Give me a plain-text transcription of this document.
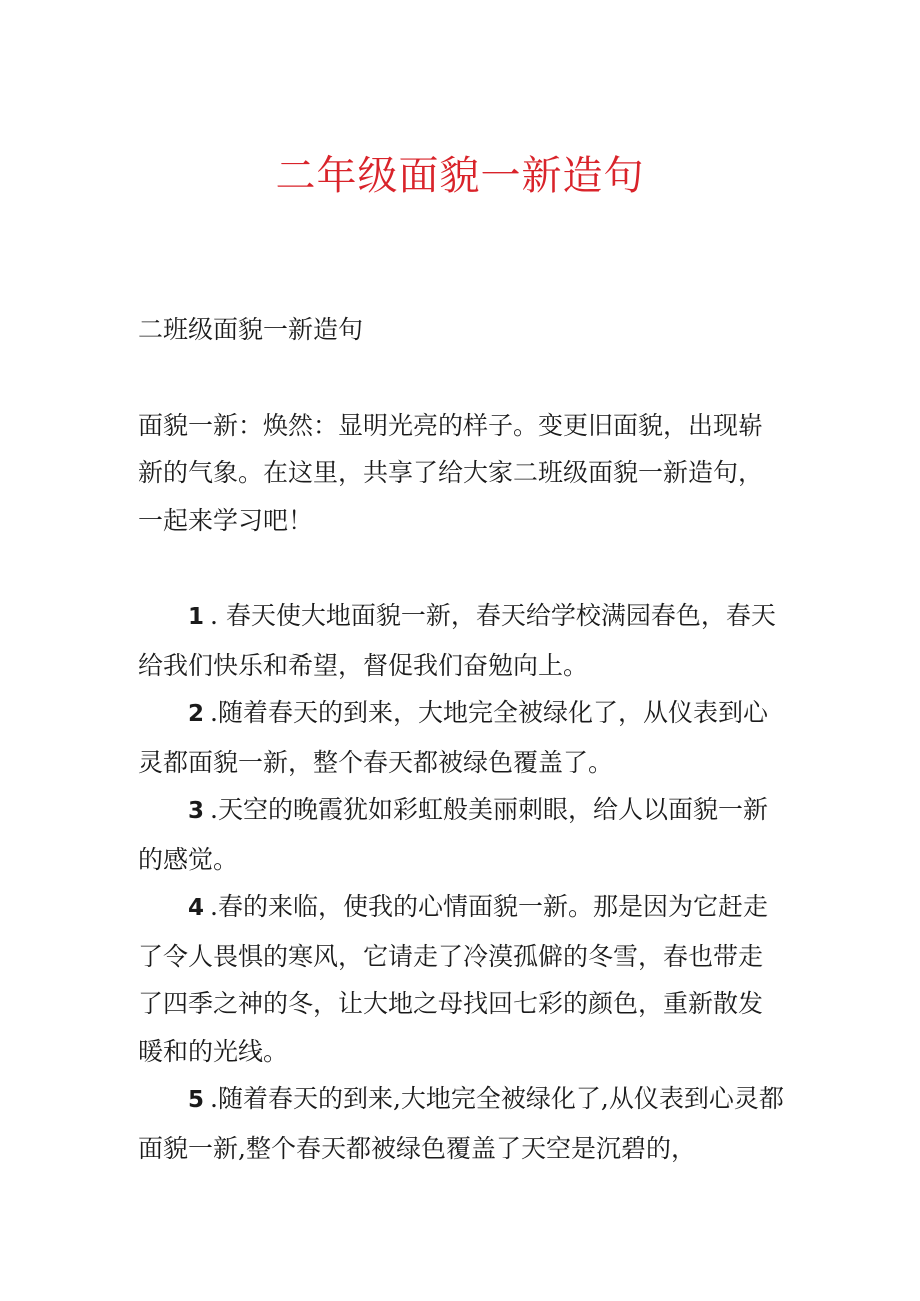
二年级面貌一新造句

二班级面貌一新造句

面貌一新：焕然：显明光亮的样子。变更旧面貌，出现崭新的气象。在这里，共享了给大家二班级面貌一新造句，一起来学习吧！

1 . 春天使大地面貌一新，春天给学校满园春色，春天给我们快乐和希望，督促我们奋勉向上。

2 .随着春天的到来，大地完全被绿化了，从仪表到心灵都面貌一新，整个春天都被绿色覆盖了。

3 .天空的晚霞犹如彩虹般美丽刺眼，给人以面貌一新的感觉。

4 .春的来临，使我的心情面貌一新。那是因为它赶走了令人畏惧的寒风，它请走了冷漠孤僻的冬雪，春也带走了四季之神的冬，让大地之母找回七彩的颜色，重新散发暖和的光线。

5 .随着春天的到来,大地完全被绿化了,从仪表到心灵都面貌一新,整个春天都被绿色覆盖了天空是沉碧的，
